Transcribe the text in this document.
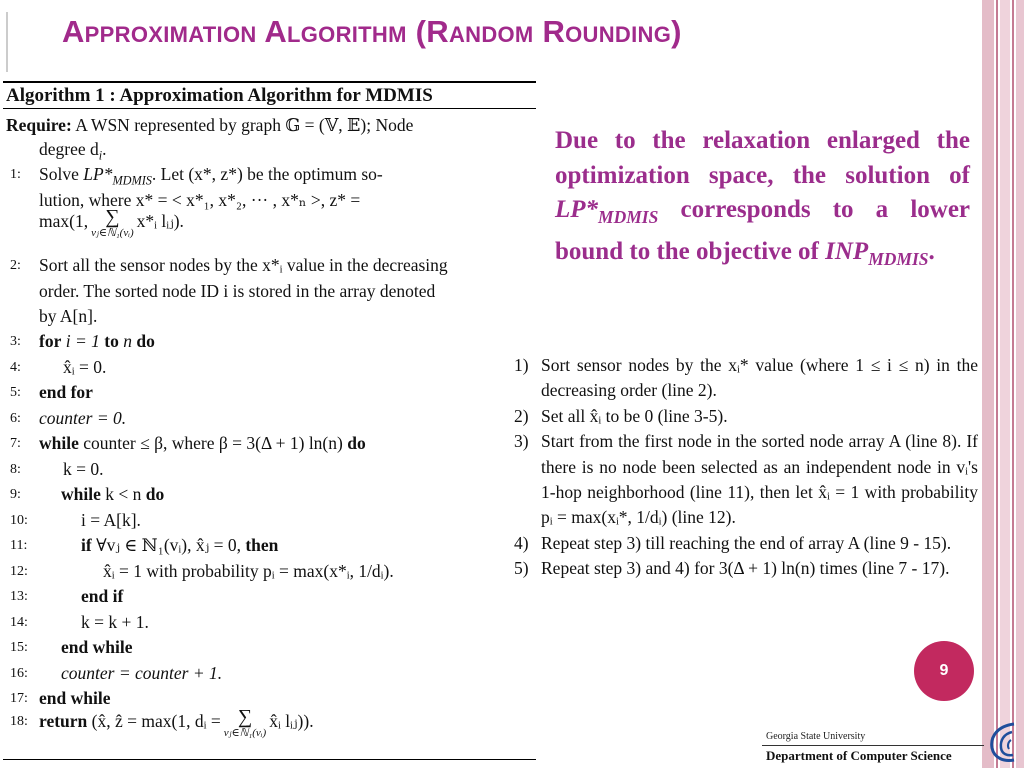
Approximation Algorithm (Random Rounding)
Algorithm 1 : Approximation Algorithm for MDMIS
Require: A WSN represented by graph 𝔾 = (𝕍, 𝔼); Node
degree $d_i$.
1:	Solve $LP*_{MDMIS}$. Let (x*, z*) be the optimum so-
lution, where x* = < x*₁, x*₂, ··· , x*ₙ >, z* =
max(1, ∑
vⱼ∈ℕ₁(vᵢ)
x*ᵢ lᵢⱼ).
2:	Sort all the sensor nodes by the x*ᵢ value in the decreasing
order. The sorted node ID i is stored in the array denoted
by A[n].
3:	for i = 1 to n do
4:	x̂ᵢ = 0.
5:	end for
6:	counter = 0.
7:	while counter ≤ β, where β = 3(Δ + 1) ln(n) do
8:	k = 0.
9:	while k < n do
10:	i = A[k].
11:	if ∀vⱼ ∈ ℕ₁(vᵢ), x̂ⱼ = 0, then
12:	x̂ᵢ = 1 with probability pᵢ = max(x*ᵢ, 1/dᵢ).
13:	end if
14:	k = k + 1.
15:	end while
16:	counter = counter + 1.
17: end while
18: return (x̂, ẑ = max(1, dᵢ = ∑
vⱼ∈ℕ₁(vᵢ)
x̂ᵢ lᵢⱼ)).
Due to the relaxation enlarged the optimization space, the solution of $LP*_{MDMIS}$ corresponds to a lower bound to the objective of $INP_{MDMIS}$.
1) Sort sensor nodes by the xᵢ* value (where 1 ≤ i ≤ n) in the decreasing order (line 2).
2) Set all x̂ᵢ to be 0 (line 3-5).
3) Start from the first node in the sorted node array A (line 8). If there is no node been selected as an independent node in vᵢ's 1-hop neighborhood (line 11), then let x̂ᵢ = 1 with probability pᵢ = max(xᵢ*, 1/dᵢ) (line 12).
4) Repeat step 3) till reaching the end of array A (line 9 - 15).
5) Repeat step 3) and 4) for 3(Δ + 1) ln(n) times (line 7 - 17).
9
Georgia State University
Department of Computer Science
